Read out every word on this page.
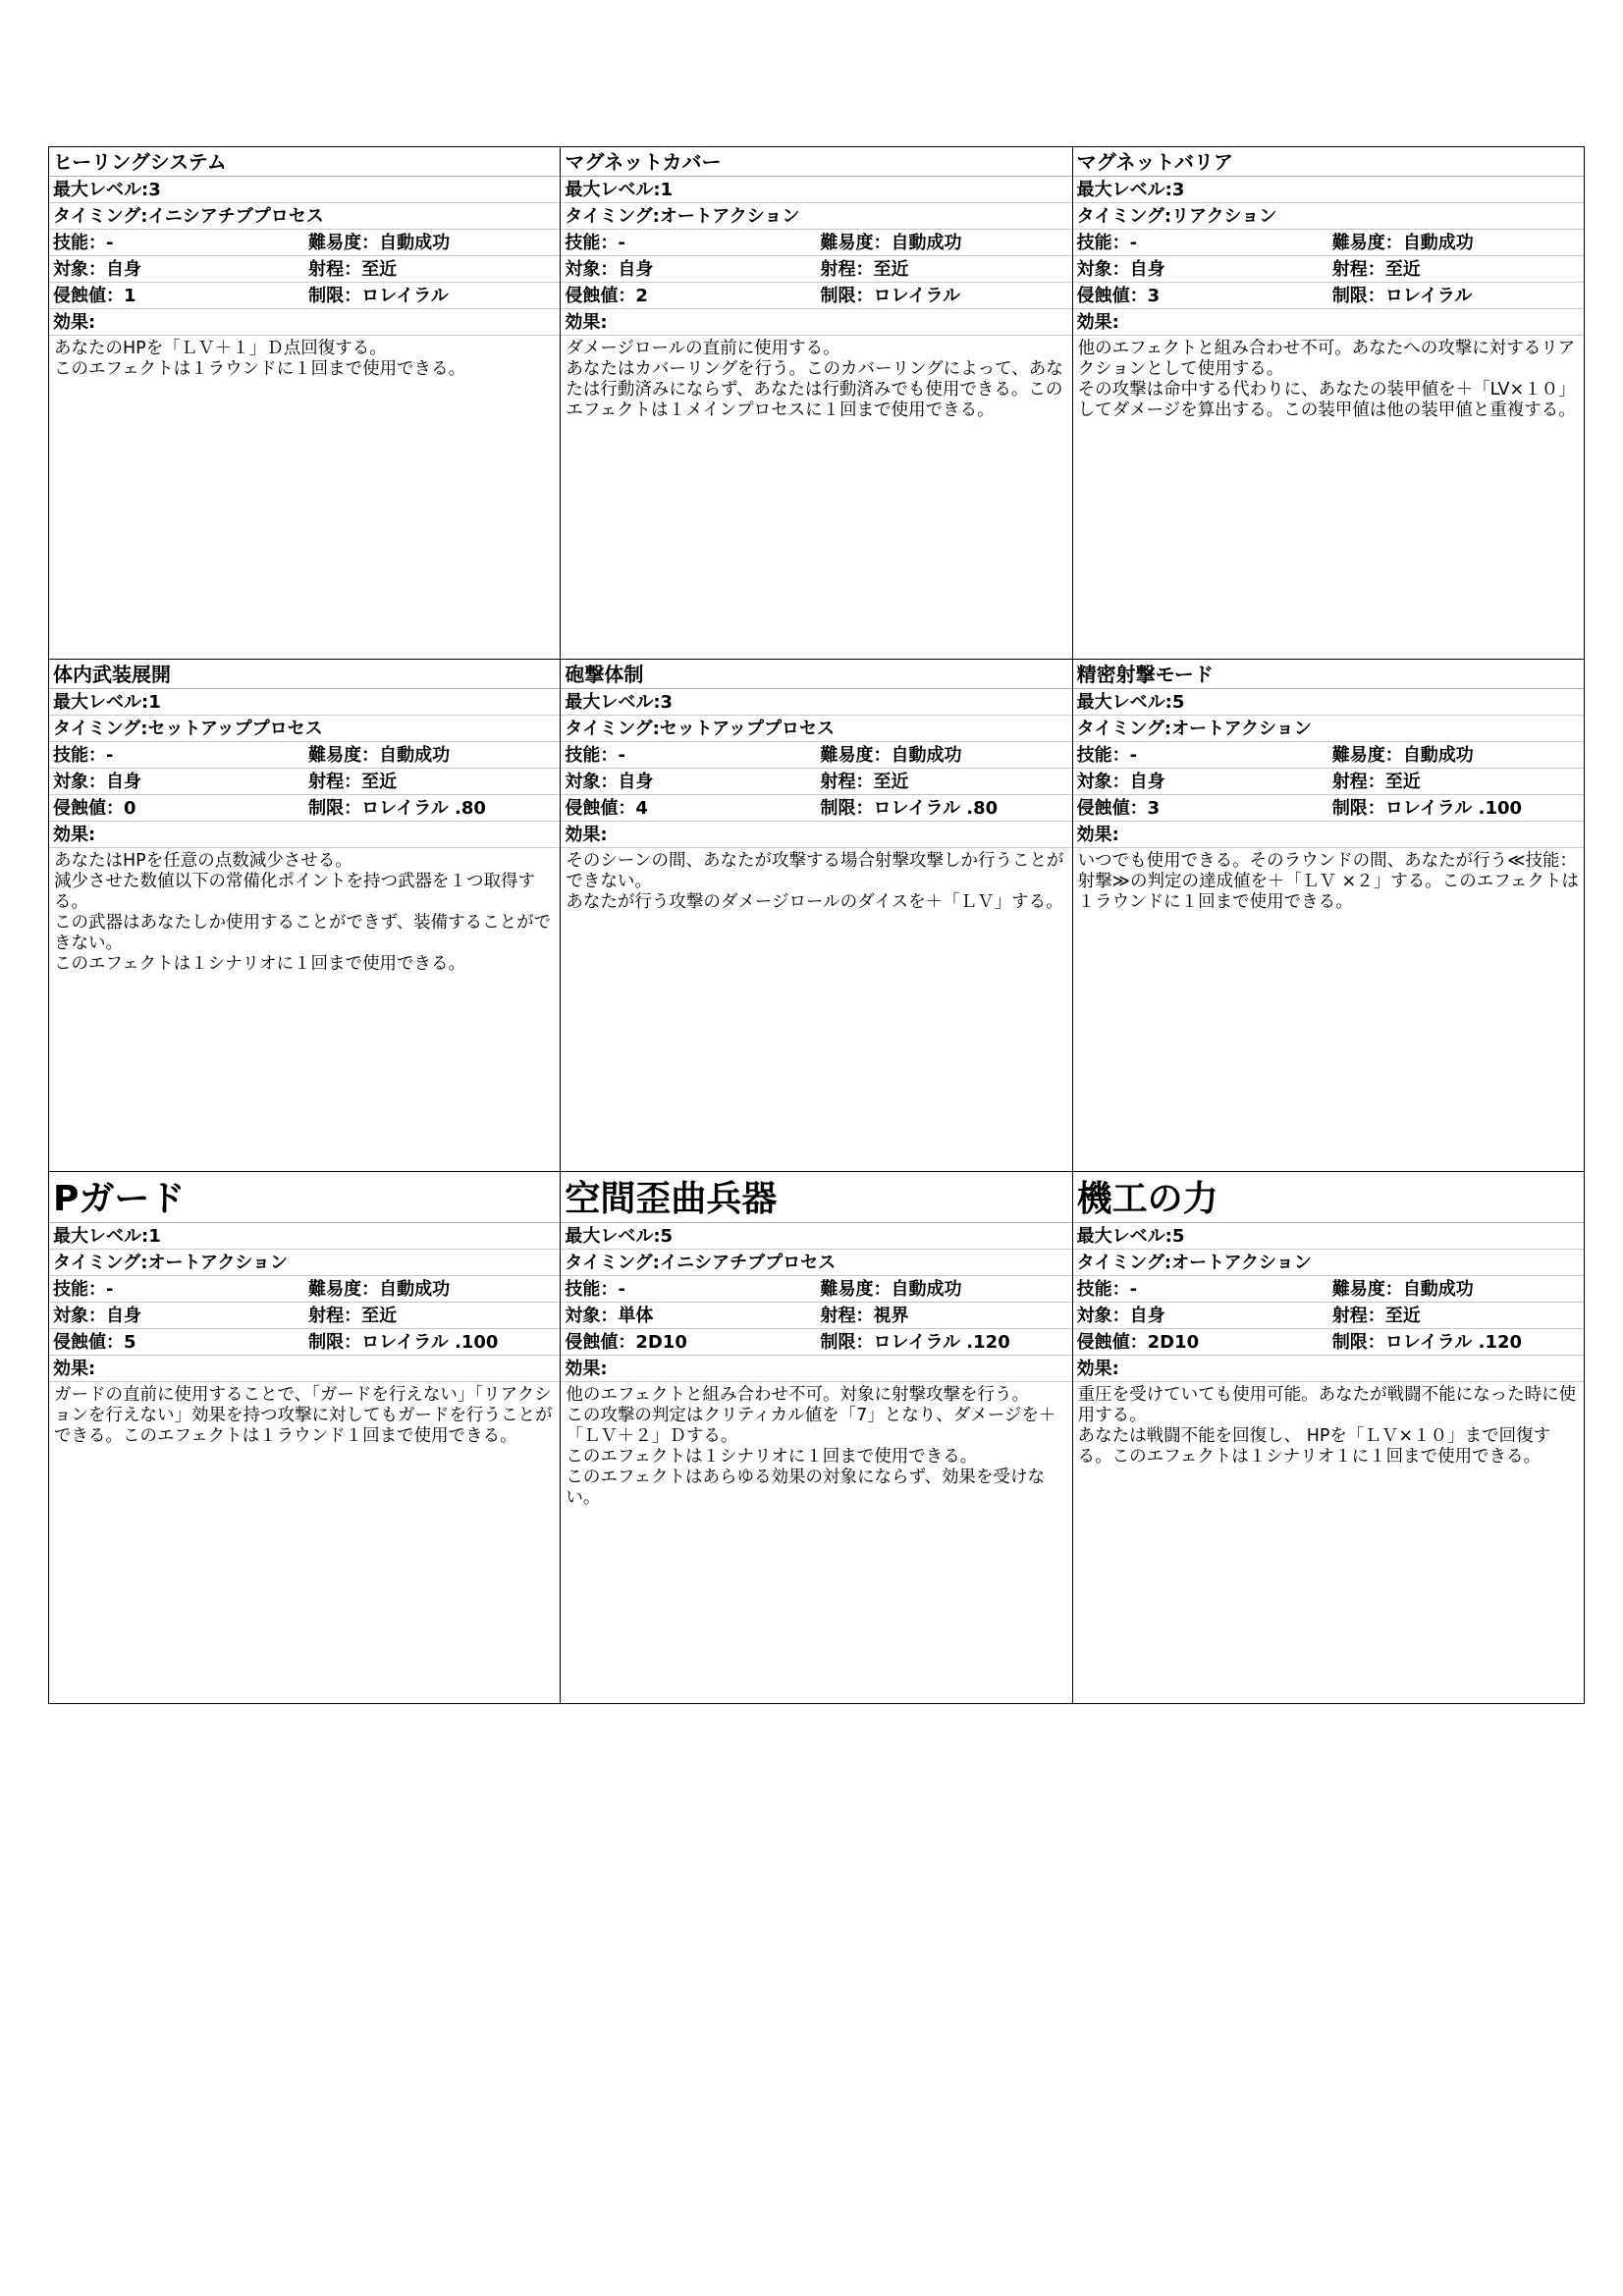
ヒーリングシステム
最大レベル:3
タイミング:イニシアチブプロセス
技能：-	難易度：自動成功
対象：自身	射程：至近
侵蝕値：1	制限：ロレイラル
効果:
あなたのHPを「ＬＶ＋１」Ｄ点回復する。
このエフェクトは１ラウンドに１回まで使用できる。
マグネットカバー
最大レベル:1
タイミング:オートアクション
技能：-	難易度：自動成功
対象：自身	射程：至近
侵蝕値：2	制限：ロレイラル
効果:
ダメージロールの直前に使用する。
あなたはカバーリングを行う。このカバーリングによって、あなたは行動済みにならず、あなたは行動済みでも使用できる。このエフェクトは１メインプロセスに１回まで使用できる。
マグネットバリア
最大レベル:3
タイミング:リアクション
技能：-	難易度：自動成功
対象：自身	射程：至近
侵蝕値：3	制限：ロレイラル
効果:
他のエフェクトと組み合わせ不可。あなたへの攻撃に対するリアクションとして使用する。
その攻撃は命中する代わりに、あなたの装甲値を＋「LV×１０」してダメージを算出する。この装甲値は他の装甲値と重複する。
体内武装展開
最大レベル:1
タイミング:セットアッププロセス
技能：-	難易度：自動成功
対象：自身	射程：至近
侵蝕値：0	制限：ロレイラル .80
効果:
あなたはHPを任意の点数減少させる。
減少させた数値以下の常備化ポイントを持つ武器を１つ取得する。
この武器はあなたしか使用することができず、装備することができない。
このエフェクトは１シナリオに１回まで使用できる。
砲撃体制
最大レベル:3
タイミング:セットアッププロセス
技能：-	難易度：自動成功
対象：自身	射程：至近
侵蝕値：4	制限：ロレイラル .80
効果:
そのシーンの間、あなたが攻撃する場合射撃攻撃しか行うことができない。
あなたが行う攻撃のダメージロールのダイスを＋「ＬＶ」する。
精密射撃モード
最大レベル:5
タイミング:オートアクション
技能：-	難易度：自動成功
対象：自身	射程：至近
侵蝕値：3	制限：ロレイラル .100
効果:
いつでも使用できる。そのラウンドの間、あなたが行う≪技能：射撃≫の判定の達成値を＋「ＬＶ ×２」する。このエフェクトは１ラウンドに１回まで使用できる。
Pガード
最大レベル:1
タイミング:オートアクション
技能：-	難易度：自動成功
対象：自身	射程：至近
侵蝕値：5	制限：ロレイラル .100
効果:
ガードの直前に使用することで、「ガードを行えない」「リアクションを行えない」効果を持つ攻撃に対してもガードを行うことができる。このエフェクトは１ラウンド１回まで使用できる。
空間歪曲兵器
最大レベル:5
タイミング:イニシアチブプロセス
技能：-	難易度：自動成功
対象：単体	射程：視界
侵蝕値：2D10	制限：ロレイラル .120
効果:
他のエフェクトと組み合わせ不可。対象に射撃攻撃を行う。
この攻撃の判定はクリティカル値を「7」となり、ダメージを＋「ＬＶ＋２」Ｄする。
このエフェクトは１シナリオに１回まで使用できる。
このエフェクトはあらゆる効果の対象にならず、効果を受けない。
機工の力
最大レベル:5
タイミング:オートアクション
技能：-	難易度：自動成功
対象：自身	射程：至近
侵蝕値：2D10	制限：ロレイラル .120
効果:
重圧を受けていても使用可能。あなたが戦闘不能になった時に使用する。
あなたは戦闘不能を回復し、 HPを「ＬＶ×１０」まで回復する。このエフェクトは１シナリオ１に１回まで使用できる。
